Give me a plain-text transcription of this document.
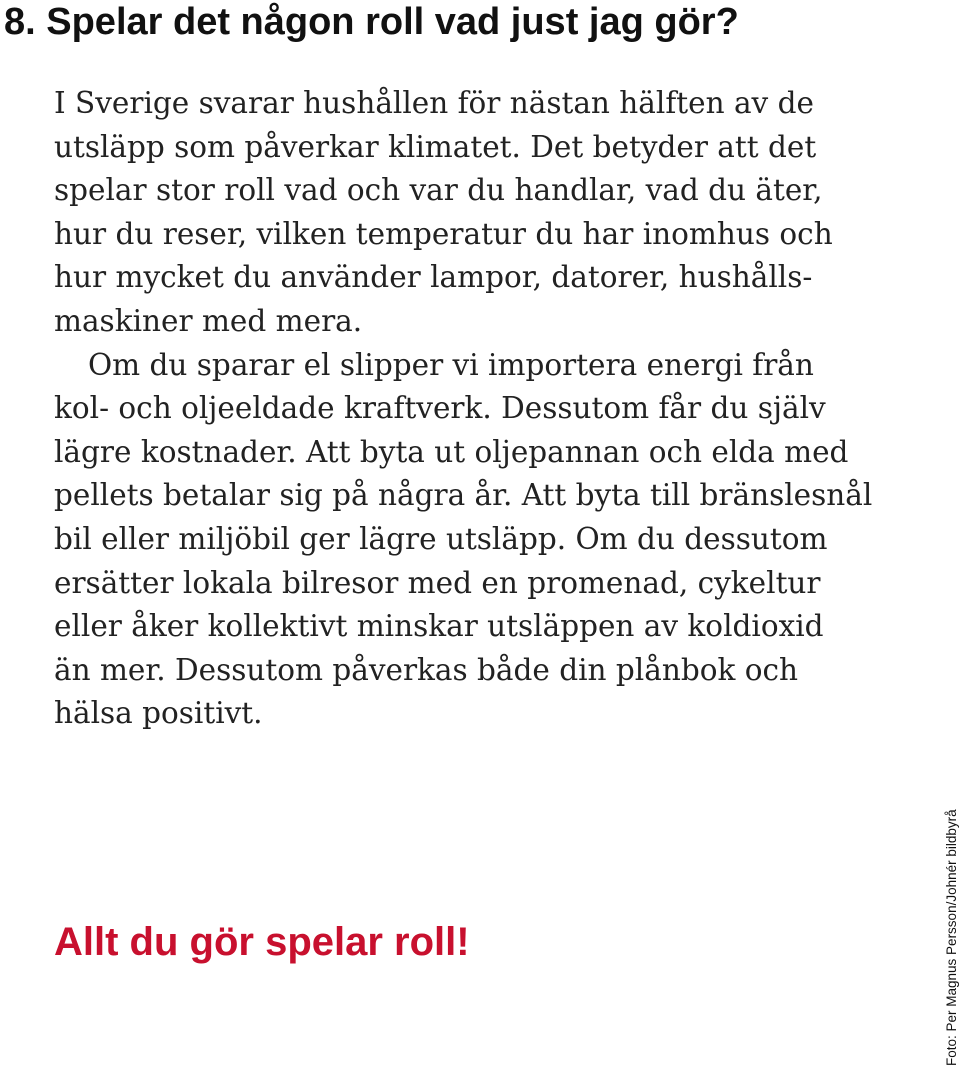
8. Spelar det någon roll vad just jag gör?
I Sverige svarar hushållen för nästan hälften av de
utsläpp som påverkar klimatet. Det betyder att det
spelar stor roll vad och var du handlar, vad du äter,
hur du reser, vilken temperatur du har inomhus och
hur mycket du använder lampor, datorer, hushålls-
maskiner med mera.
Om du sparar el slipper vi importera energi från
kol- och oljeeldade kraftverk. Dessutom får du själv
lägre kostnader. Att byta ut oljepannan och elda med
pellets betalar sig på några år. Att byta till bränslesnål
bil eller miljöbil ger lägre utsläpp. Om du dessutom
ersätter lokala bilresor med en promenad, cykeltur
eller åker kollektivt minskar utsläppen av koldioxid
än mer. Dessutom påverkas både din plånbok och
hälsa positivt.
Allt du gör spelar roll!	Foto: Per Magnus Persson/Johnér bildbyrå
